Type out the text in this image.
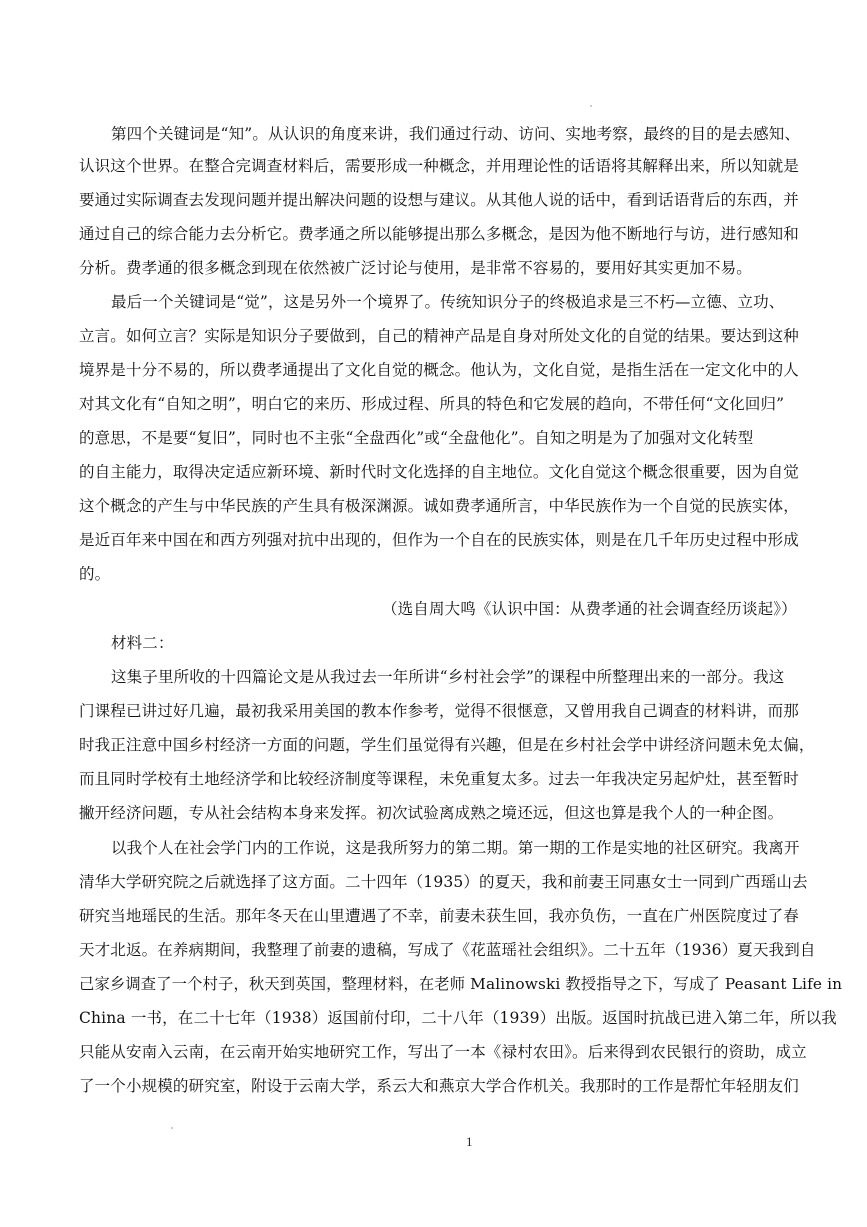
第四个关键词是“知”。从认识的角度来讲，我们通过行动、访问、实地考察，最终的目的是去感知、
认识这个世界。在整合完调查材料后，需要形成一种概念，并用理论性的话语将其解释出来，所以知就是
要通过实际调查去发现问题并提出解决问题的设想与建议。从其他人说的话中，看到话语背后的东西，并
通过自己的综合能力去分析它。费孝通之所以能够提出那么多概念，是因为他不断地行与访，进行感知和
分析。费孝通的很多概念到现在依然被广泛讨论与使用，是非常不容易的，要用好其实更加不易。
最后一个关键词是“觉”，这是另外一个境界了。传统知识分子的终极追求是三不朽—立德、立功、
立言。如何立言？实际是知识分子要做到，自己的精神产品是自身对所处文化的自觉的结果。要达到这种
境界是十分不易的，所以费孝通提出了文化自觉的概念。他认为，文化自觉，是指生活在一定文化中的人
对其文化有“自知之明”，明白它的来历、形成过程、所具的特色和它发展的趋向，不带任何“文化回归”
的意思，不是要“复旧”，同时也不主张“全盘西化”或“全盘他化”。自知之明是为了加强对文化转型
的自主能力，取得决定适应新环境、新时代时文化选择的自主地位。文化自觉这个概念很重要，因为自觉
这个概念的产生与中华民族的产生具有极深渊源。诚如费孝通所言，中华民族作为一个自觉的民族实体，
是近百年来中国在和西方列强对抗中出现的，但作为一个自在的民族实体，则是在几千年历史过程中形成
的。
（选自周大鸣《认识中国：从费孝通的社会调查经历谈起》）
材料二：
这集子里所收的十四篇论文是从我过去一年所讲“乡村社会学”的课程中所整理出来的一部分。我这
门课程已讲过好几遍，最初我采用美国的教本作参考，觉得不很惬意，又曾用我自己调查的材料讲，而那
时我正注意中国乡村经济一方面的问题，学生们虽觉得有兴趣，但是在乡村社会学中讲经济问题未免太偏，
而且同时学校有土地经济学和比较经济制度等课程，未免重复太多。过去一年我决定另起炉灶，甚至暂时
撇开经济问题，专从社会结构本身来发挥。初次试验离成熟之境还远，但这也算是我个人的一种企图。
以我个人在社会学门内的工作说，这是我所努力的第二期。第一期的工作是实地的社区研究。我离开
清华大学研究院之后就选择了这方面。二十四年（1935）的夏天，我和前妻王同惠女士一同到广西瑶山去
研究当地瑶民的生活。那年冬天在山里遭遇了不幸，前妻未获生回，我亦负伤，一直在广州医院度过了春
天才北返。在养病期间，我整理了前妻的遗稿，写成了《花蓝瑶社会组织》。二十五年（1936）夏天我到自
己家乡调查了一个村子，秋天到英国，整理材料，在老师 Malinowski 教授指导之下，写成了 Peasant Life in
China 一书，在二十七年（1938）返国前付印，二十八年（1939）出版。返国时抗战已进入第二年，所以我
只能从安南入云南，在云南开始实地研究工作，写出了一本《禄村农田》。后来得到农民银行的资助，成立
了一个小规模的研究室，附设于云南大学，系云大和燕京大学合作机关。我那时的工作是帮忙年轻朋友们
1
